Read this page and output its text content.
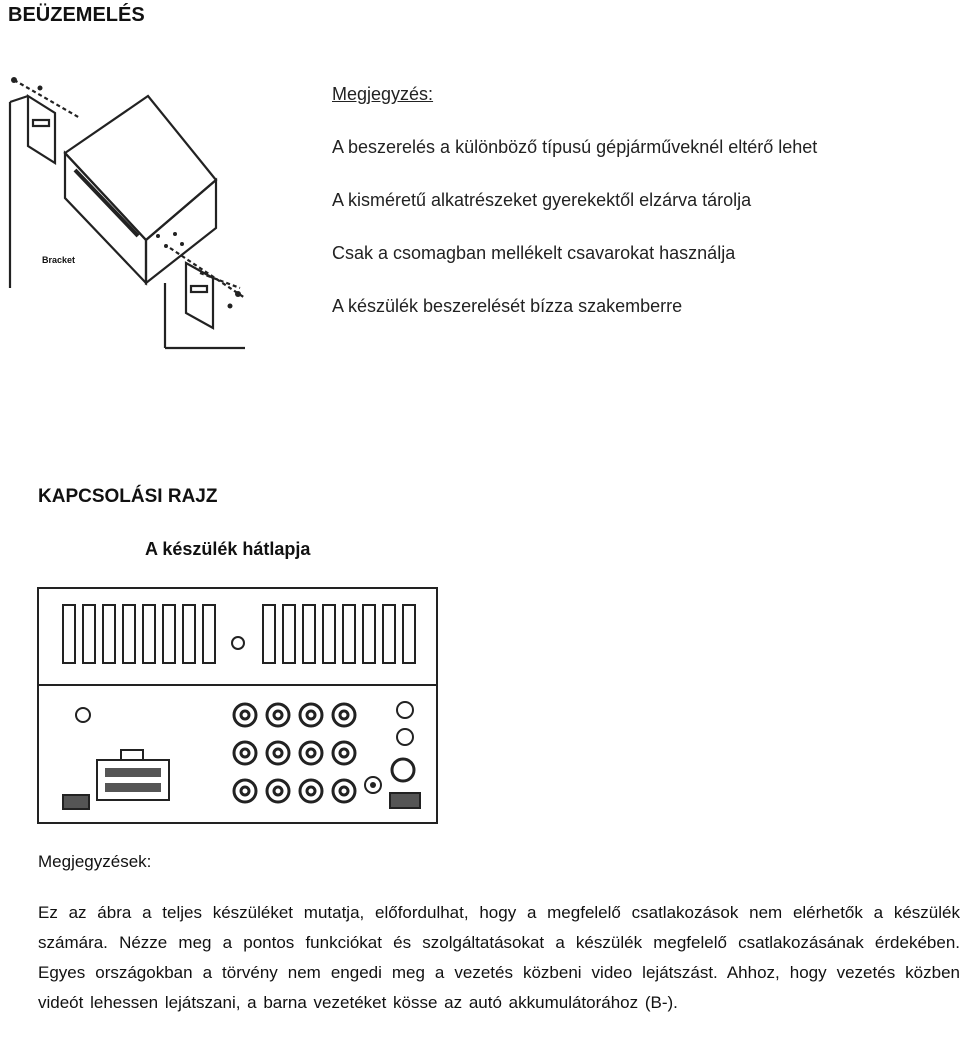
BEÜZEMELÉS
Bracket
Megjegyzés:
A beszerelés a különböző típusú gépjárműveknél eltérő lehet
A kisméretű alkatrészeket gyerekektől elzárva tárolja
Csak a csomagban mellékelt csavarokat használja
A készülék beszerelését bízza szakemberre
KAPCSOLÁSI RAJZ
A készülék hátlapja
Megjegyzések:
Ez az ábra a teljes készüléket mutatja, előfordulhat, hogy a megfelelő csatlakozások nem elérhetők a készülék számára. Nézze meg a pontos funkciókat és szolgáltatásokat a készülék megfelelő csatlakozásának érdekében. Egyes országokban a törvény nem engedi meg a vezetés közbeni video lejátszást. Ahhoz, hogy vezetés közben videót lehessen lejátszani, a barna vezetéket kösse az autó akkumulátorához (B-).
